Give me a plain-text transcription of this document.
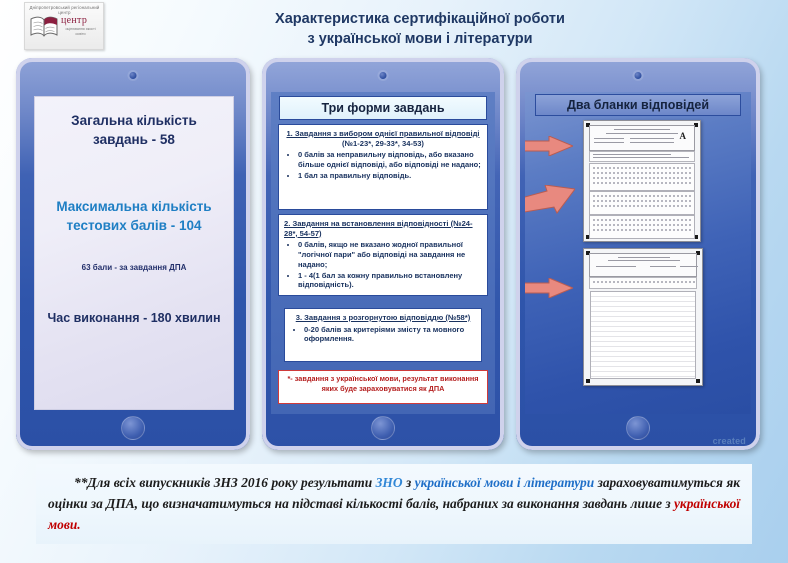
Дніпропетровський регіональний центр
центр
оцінювання якості освіти
Характеристика сертифікаційної роботи
з української мови і літератури
Загальна кількість завдань - 58
Максимальна кількість тестових балів - 104
63 бали - за завдання ДПА
Час виконання - 180 хвилин
Три форми завдань
1. Завдання з вибором однієї правильної відповіді (№1-23*, 29-33*, 34-53)
• 0 балів за неправильну відповідь, або вказано більше однієї відповіді, або відповіді не надано;
• 1 бал за правильну відповідь.
2. Завдання на встановлення відповідності (№24-28*, 54-57)
• 0 балів, якщо не вказано жодної правильної "логічної пари" або відповіді на завдання не надано;
• 1 - 4(1 бал за кожну правильно встановлену відповідність).
3. Завдання з розгорнутою відповіддю (№58*)
• 0-20 балів за критеріями змісту та мовного оформлення.
*- завдання з української мови, результат виконання яких буде зараховуватися як ДПА
Два бланки відповідей
А
created
**Для всіх випускників ЗНЗ 2016 року результати ЗНО з української мови і літератури зараховуватимуться як оцінки за ДПА, що визначатимуться на підставі кількості балів, набраних за виконання завдань лише з української мови.
